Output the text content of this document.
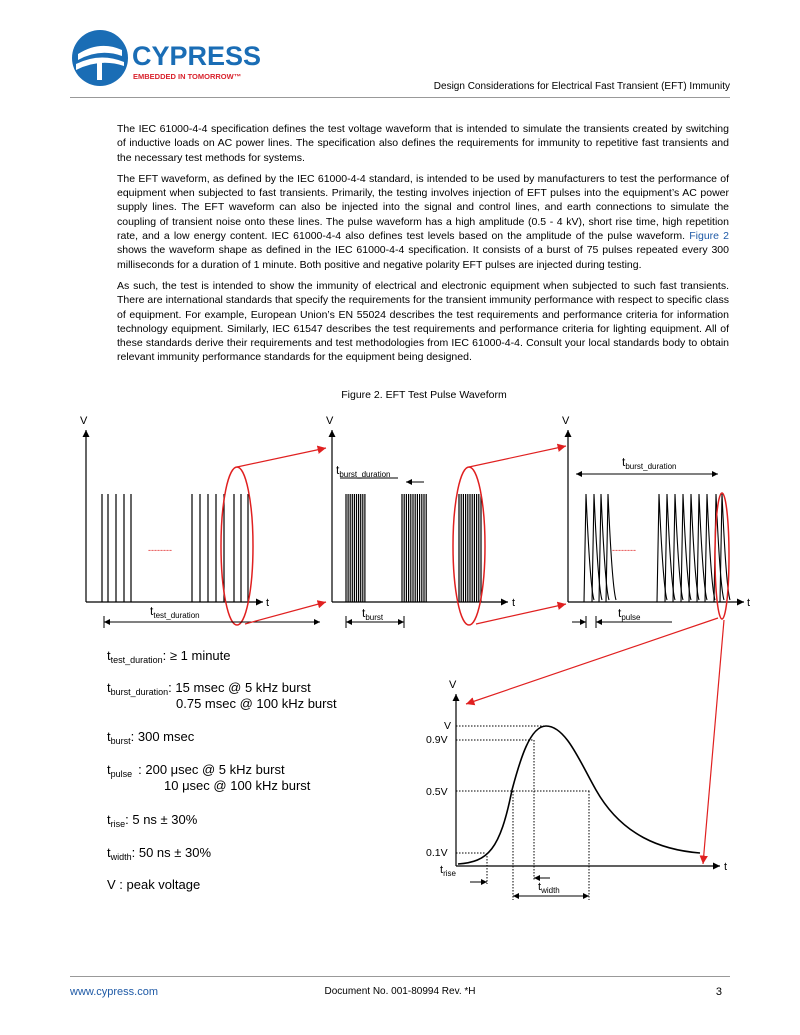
CYPRESS
EMBEDDED IN TOMORROW™
Design Considerations for Electrical Fast Transient (EFT) Immunity

The IEC 61000-4-4 specification defines the test voltage waveform that is intended to simulate the transients created by switching of inductive loads on AC power lines. The specification also defines the requirements for immunity to repetitive fast transients and the necessary test methods for systems.

The EFT waveform, as defined by the IEC 61000-4-4 standard, is intended to be used by manufacturers to test the performance of equipment when subjected to fast transients. Primarily, the testing involves injection of EFT pulses into the equipment’s AC power supply lines. The EFT waveform can also be injected into the signal and control lines, and earth connections to simulate the coupling of transient noise onto these lines. The pulse waveform has a high amplitude (0.5 - 4 kV), short rise time, high repetition rate, and a low energy content. IEC 61000-4-4 also defines test levels based on the amplitude of the pulse waveform. Figure 2 shows the waveform shape as defined in the IEC 61000-4-4 specification. It consists of a burst of 75 pulses repeated every 300 milliseconds for a duration of 1 minute. Both positive and negative polarity EFT pulses are injected during testing.

As such, the test is intended to show the immunity of electrical and electronic equipment when subjected to such fast transients. There are international standards that specify the requirements for the transient immunity performance with respect to specific class of equipment. For example, European Union’s EN 55024 describes the test requirements and performance criteria for information technology equipment. Similarly, IEC 61547 describes the test requirements and performance criteria for lighting equipment. All of these standards derive their requirements and test methodologies from IEC 61000-4-4. Consult your local standards body to obtain relevant immunity performance standards for the equipment being designed.

Figure 2. EFT Test Pulse Waveform
V
t
--------
$t_{test\_duration}$
V
t
$t_{burst\_duration}$
$t_{burst}$
V
t
--------
$t_{burst\_duration}$
$t_{pulse}$
V
t
V
0.9V
0.5V
0.1V
$t_{rise}$
$t_{width}$
$t_{test\_duration}$: ≥ 1 minute
$t_{burst\_duration}$: 15 msec @ 5 kHz burst
0.75 msec @ 100 kHz burst
$t_{burst}$: 300 msec
$t_{pulse}$ : 200 μsec @ 5 kHz burst
10 μsec @ 100 kHz burst
$t_{rise}$: 5 ns ± 30%
$t_{width}$: 50 ns ± 30%
V : peak voltage
www.cypress.com	Document No. 001-80994 Rev. *H	3
